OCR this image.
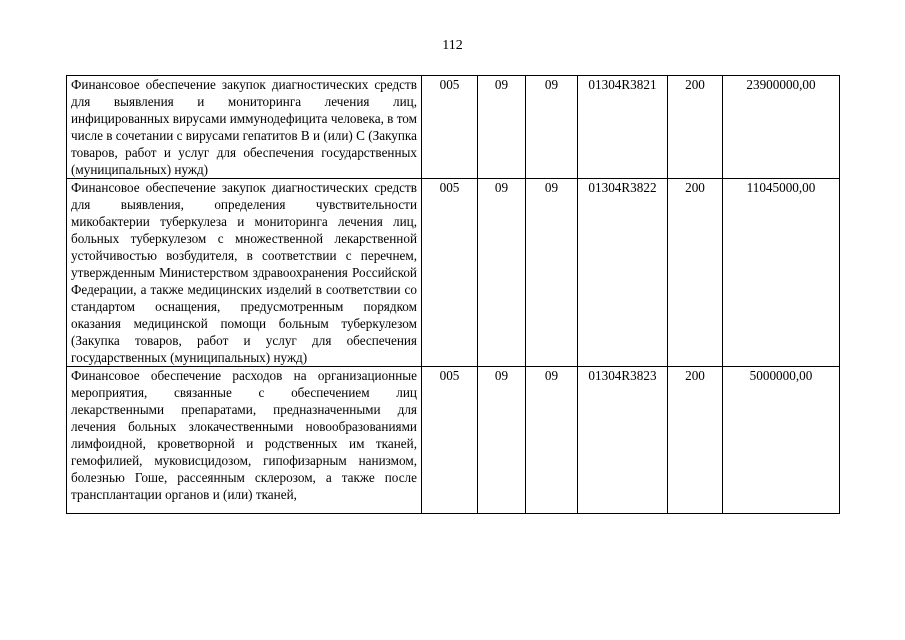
112
Финансовое обеспечение закупок диагностических средств для выявления и мониторинга лечения лиц, инфицированных вирусами иммунодефицита человека, в том числе в сочетании с вирусами гепатитов B и (или) C (Закупка товаров, работ и услуг для обеспечения государственных (муниципальных) нужд)	005	09	09	01304R3821	200	23900000,00
Финансовое обеспечение закупок диагностических средств для выявления, определения чувствительности микобактерии туберкулеза и мониторинга лечения лиц, больных туберкулезом с множественной лекарственной устойчивостью возбудителя, в соответствии с перечнем, утвержденным Министерством здравоохранения Российской Федерации, а также медицинских изделий в соответствии со стандартом оснащения, предусмотренным порядком оказания медицинской помощи больным туберкулезом (Закупка товаров, работ и услуг для обеспечения государственных (муниципальных) нужд)	005	09	09	01304R3822	200	11045000,00
Финансовое обеспечение расходов на организационные мероприятия, связанные с обеспечением лиц лекарственными препаратами, предназначенными для лечения больных злокачественными новообразованиями лимфоидной, кроветворной и родственных им тканей, гемофилией, муковисцидозом, гипофизарным нанизмом, болезнью Гоше, рассеянным склерозом, а также после трансплантации органов и (или) тканей,	005	09	09	01304R3823	200	5000000,00
